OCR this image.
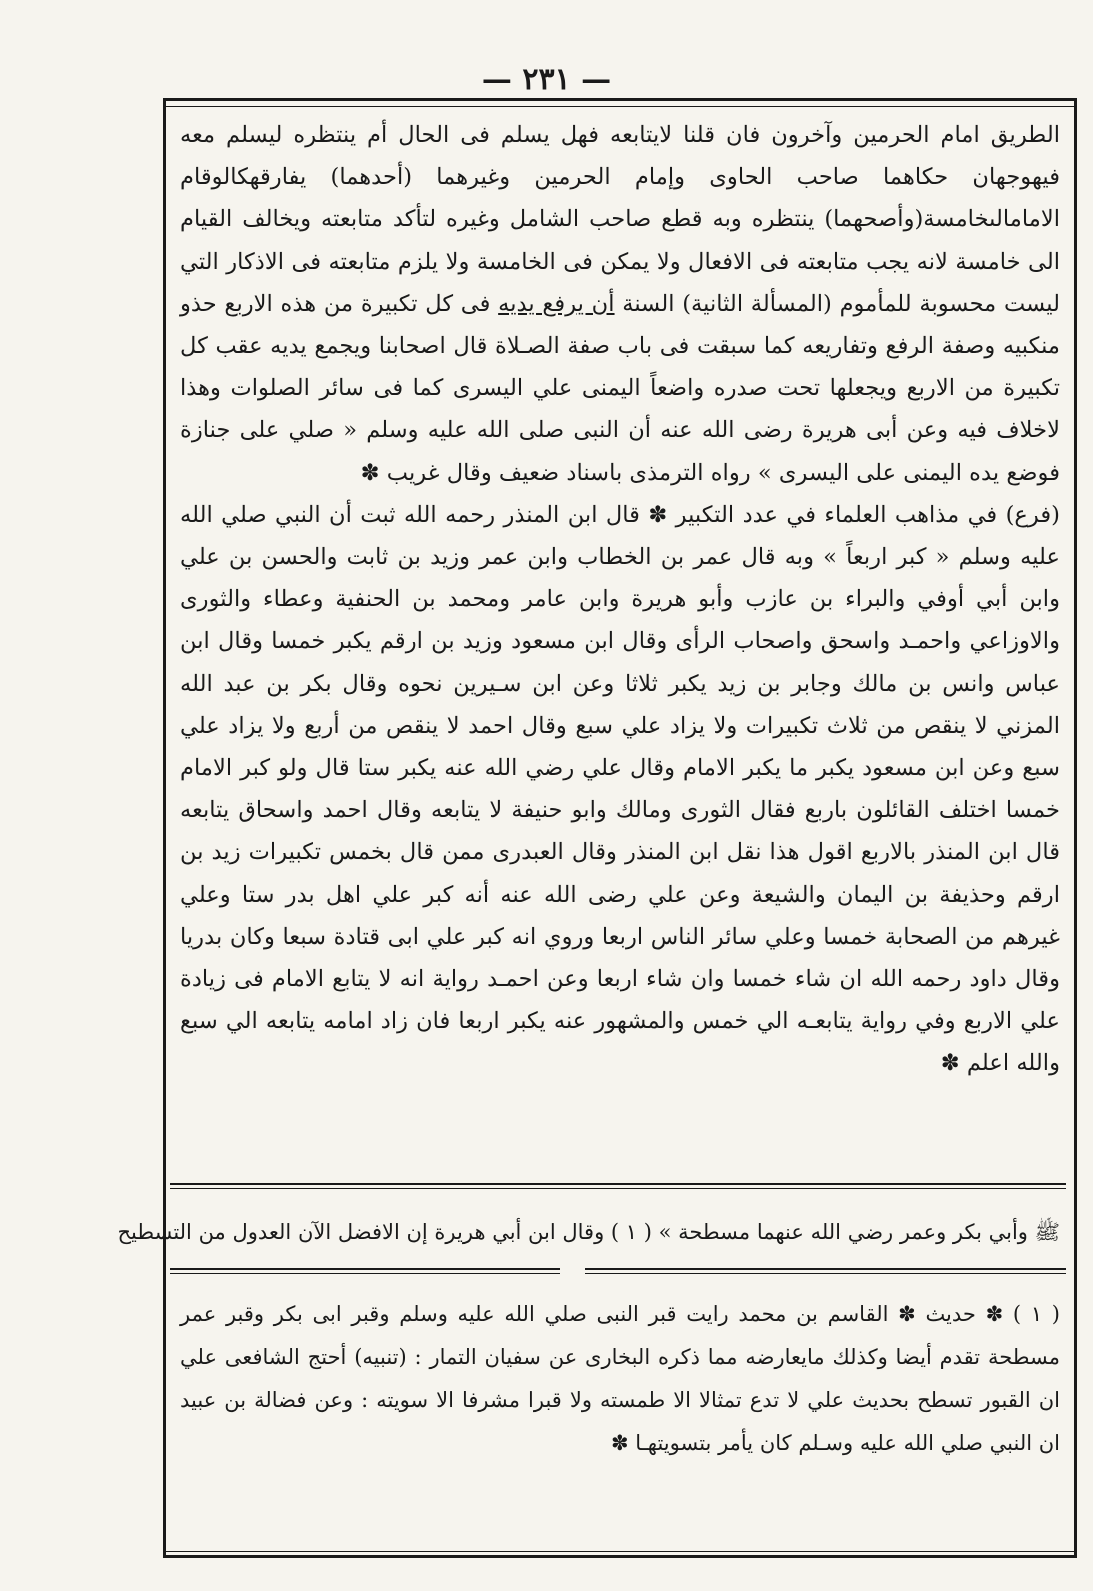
— ٢٣١ —

الطريق امام الحرمين وآخرون فان قلنا لايتابعه فهل يسلم فى الحال أم ينتظره ليسلم معه فيهوجهان حكاهما صاحب الحاوى وإمام الحرمين وغيرهما (أحدهما) يفارقهكالوقام الامامالىخامسة(وأصحهما) ينتظره وبه قطع صاحب الشامل وغيره لتأكد متابعته ويخالف القيام الى خامسة لانه يجب متابعته فى الافعال ولا يمكن فى الخامسة ولا يلزم متابعته فى الاذكار التي ليست محسوبة للمأموم (المسألة الثانية) السنة أن يرفع يديه فى كل تكبيرة من هذه الاربع حذو منكبيه وصفة الرفع وتفاريعه كما سبقت فى باب صفة الصـلاة قال اصحابنا ويجمع يديه عقب كل تكبيرة من الاربع ويجعلها تحت صدره واضعاً اليمنى علي اليسرى كما فى سائر الصلوات وهذا لاخلاف فيه وعن أبى هريرة رضى الله عنه أن النبى صلى الله عليه وسلم « صلي على جنازة فوضع يده اليمنى على اليسرى » رواه الترمذى باسناد ضعيف وقال غريب ✽

(فرع) في مذاهب العلماء في عدد التكبير ✽ قال ابن المنذر رحمه الله ثبت أن النبي صلي الله عليه وسلم « كبر اربعاً » وبه قال عمر بن الخطاب وابن عمر وزيد بن ثابت والحسن بن علي وابن أبي أوفي والبراء بن عازب وأبو هريرة وابن عامر ومحمد بن الحنفية وعطاء والثورى والاوزاعي واحمـد واسحق واصحاب الرأى وقال ابن مسعود وزيد بن ارقم يكبر خمسا وقال ابن عباس وانس بن مالك وجابر بن زيد يكبر ثلاثا وعن ابن سـيرين نحوه وقال بكر بن عبد الله المزني لا ينقص من ثلاث تكبيرات ولا يزاد علي سبع وقال احمد لا ينقص من أربع ولا يزاد علي سبع وعن ابن مسعود يكبر ما يكبر الامام وقال علي رضي الله عنه يكبر ستا قال ولو كبر الامام خمسا اختلف القائلون باربع فقال الثورى ومالك وابو حنيفة لا يتابعه وقال احمد واسحاق يتابعه قال ابن المنذر بالاربع اقول هذا نقل ابن المنذر وقال العبدرى ممن قال بخمس تكبيرات زيد بن ارقم وحذيفة بن اليمان والشيعة وعن علي رضى الله عنه أنه كبر علي اهل بدر ستا وعلي غيرهم من الصحابة خمسا وعلي سائر الناس اربعا وروي انه كبر علي ابى قتادة سبعا وكان بدريا وقال داود رحمه الله ان شاء خمسا وان شاء اربعا وعن احمـد رواية انه لا يتابع الامام فى زيادة علي الاربع وفي رواية يتابعـه الي خمس والمشهور عنه يكبر اربعا فان زاد امامه يتابعه الي سبع والله اعلم ✽

ﷺ وأبي بكر وعمر رضي الله عنهما مسطحة » ( ١ ) وقال ابن أبي هريرة إن الافضل الآن العدول من التسطيح

( ١ ) ✽ حديث ✽ القاسم بن محمد رايت قبر النبى صلي الله عليه وسلم وقبر ابى بكر وقبر عمر مسطحة تقدم أيضا وكذلك مايعارضه مما ذكره البخارى عن سفيان التمار : (تنبيه) أحتج الشافعى علي ان القبور تسطح بحديث علي لا تدع تمثالا الا طمسته ولا قبرا مشرفا الا سويته : وعن فضالة بن عبيد ان النبي صلي الله عليه وسـلم كان يأمر بتسويتهـا ✽
